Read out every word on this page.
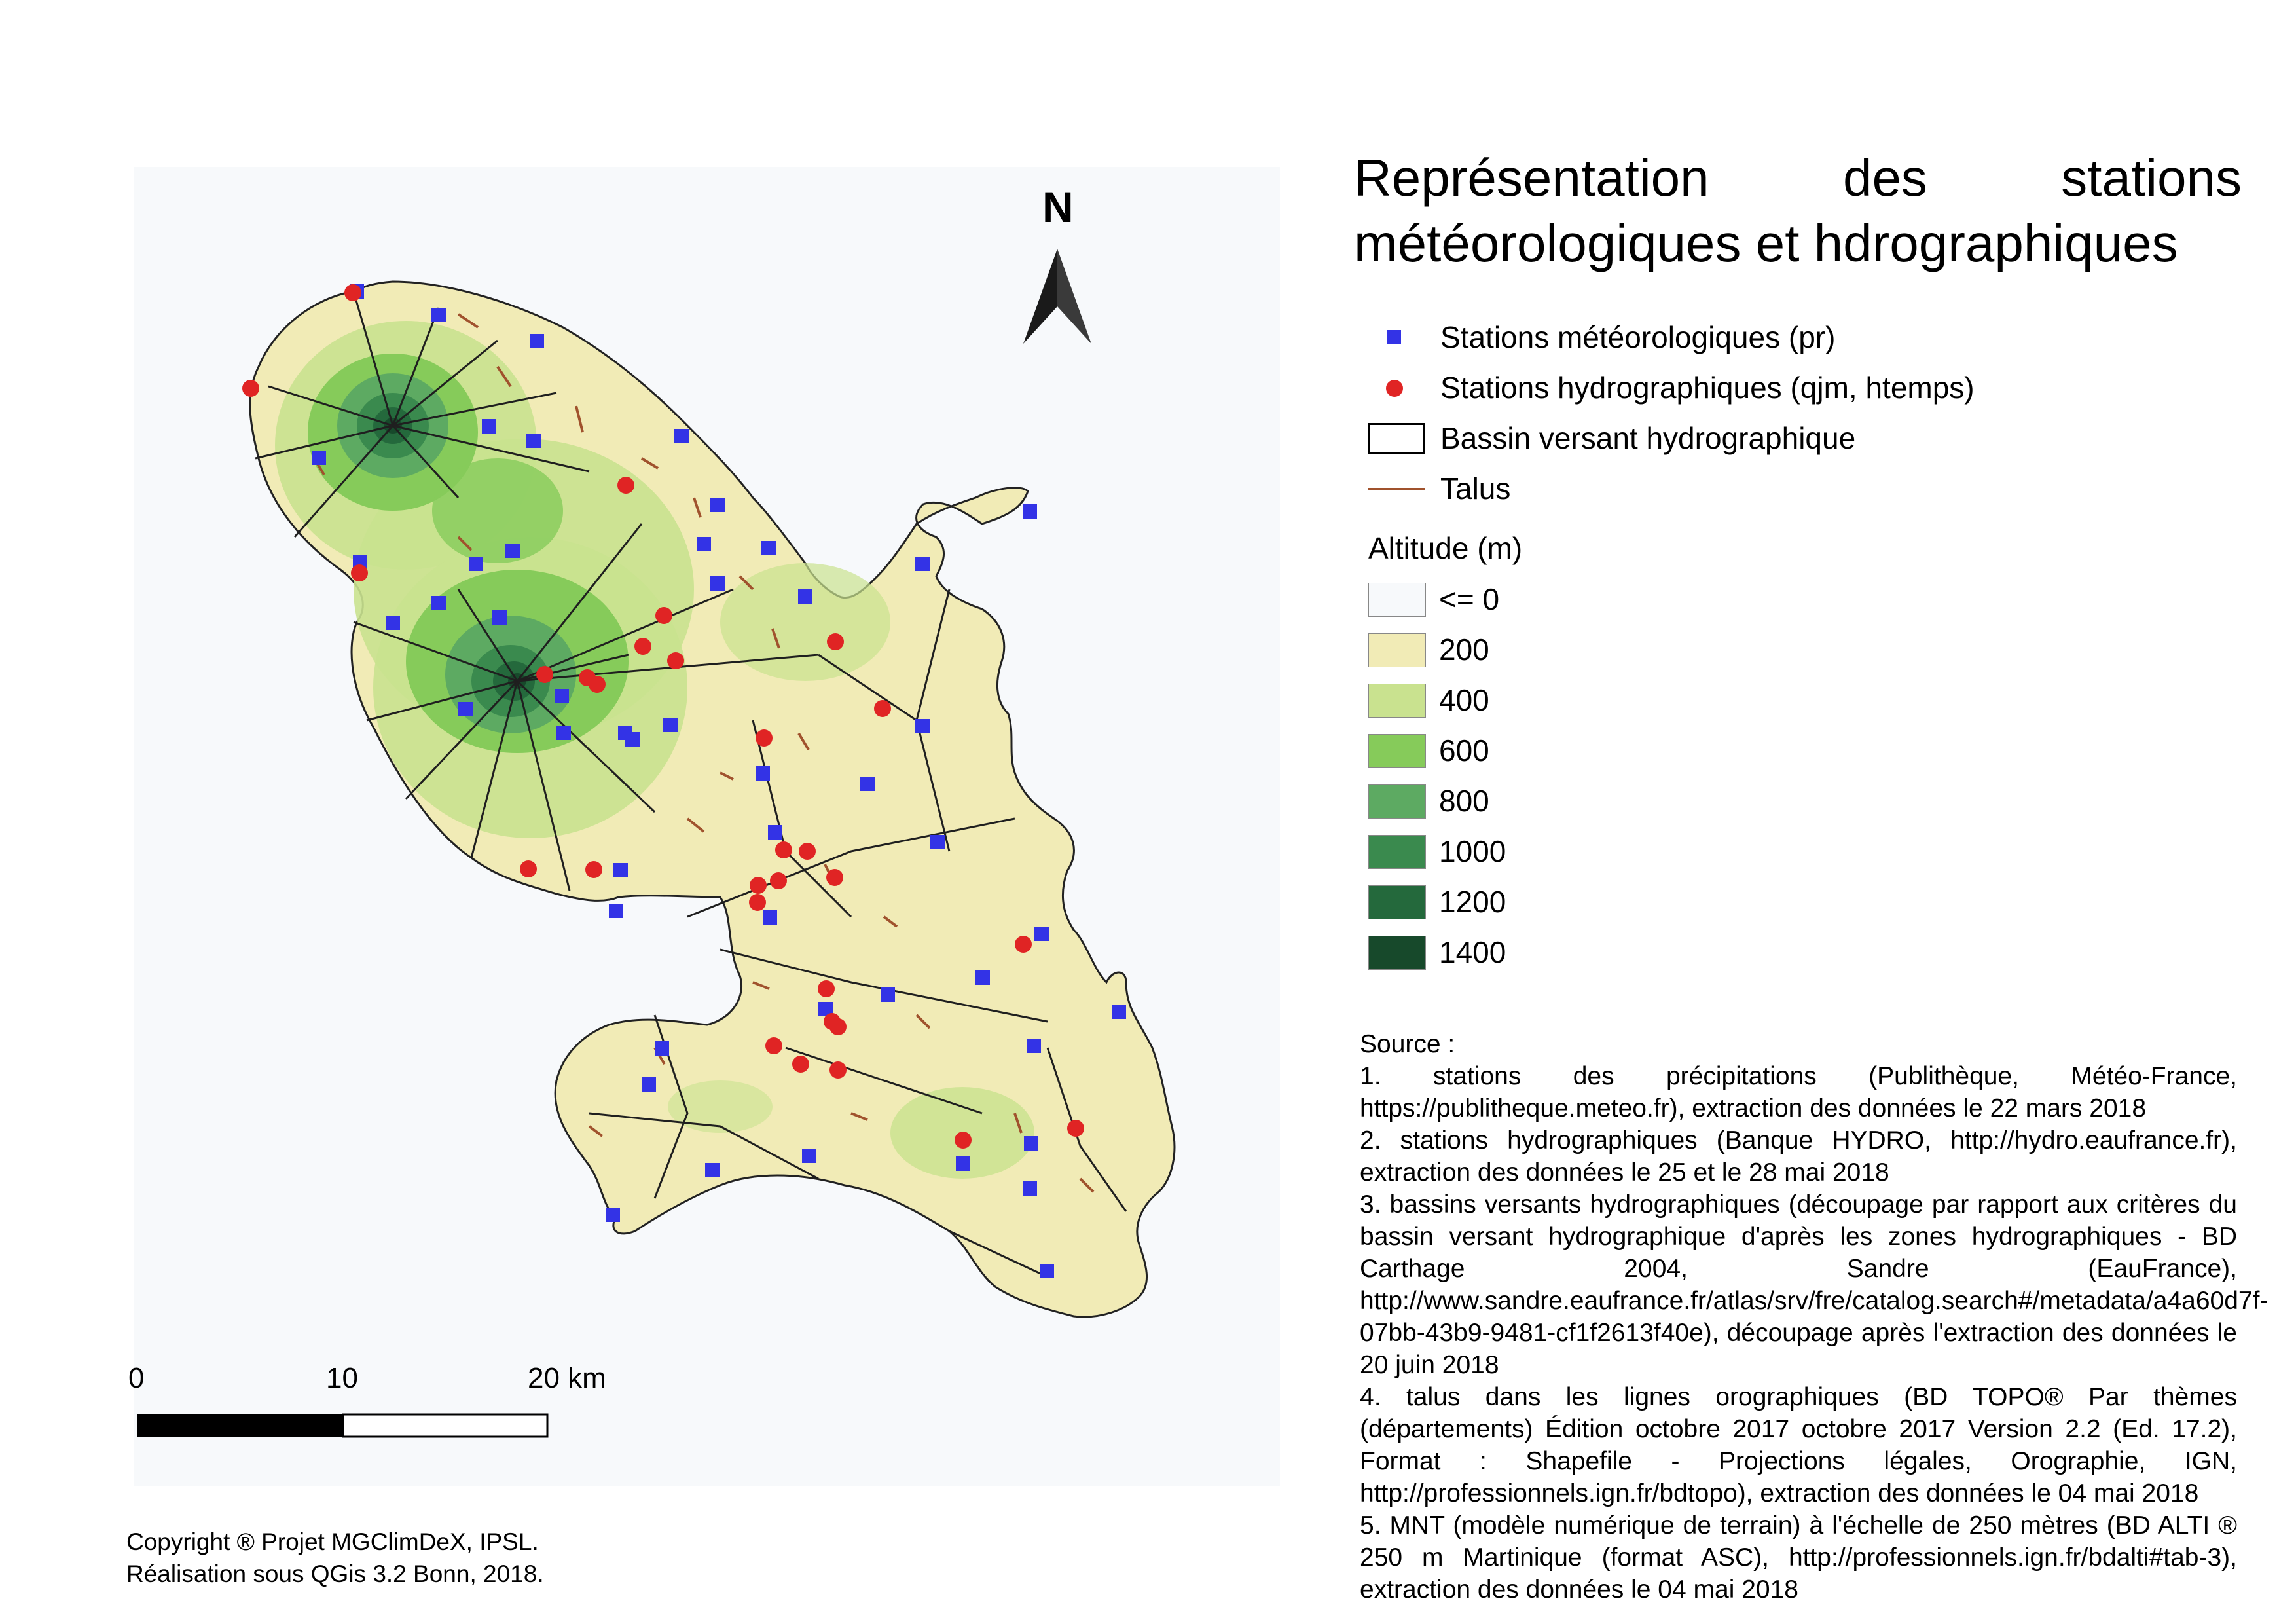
N
0	10	20 km
Représentation des stations météorologiques et hdrographiques
Stations météorologiques (pr)
Stations hydrographiques (qjm, htemps)
Bassin versant hydrographique
Talus
Altitude (m)
<= 0
200
400
600
800
1000
1200
1400
Source :
1. stations des précipitations (Publithèque, Météo-France, https://publitheque.meteo.fr), extraction des données le 22 mars 2018
2. stations hydrographiques (Banque HYDRO, http://hydro.eaufrance.fr), extraction des données le 25 et le 28 mai 2018
3. bassins versants hydrographiques (découpage par rapport aux critères du bassin versant hydrographique d'après les zones hydrographiques - BD Carthage 2004, Sandre (EauFrance), http://www.sandre.eaufrance.fr/atlas/srv/fre/catalog.search#/metadata/a4a60d7f-07bb-43b9-9481-cf1f2613f40e), découpage après l'extraction des données le 20 juin 2018
4. talus dans les lignes orographiques (BD TOPO® Par thèmes (départements) Édition octobre 2017 octobre 2017 Version 2.2 (Ed. 17.2), Format : Shapefile - Projections légales, Orographie, IGN, http://professionnels.ign.fr/bdtopo), extraction des données le 04 mai 2018
5. MNT (modèle numérique de terrain) à l'échelle de 250 mètres (BD ALTI ® 250 m Martinique (format ASC), http://professionnels.ign.fr/bdalti#tab-3), extraction des données le 04 mai 2018
Copyright ® Projet MGClimDeX, IPSL.
Réalisation sous QGis 3.2 Bonn, 2018.
